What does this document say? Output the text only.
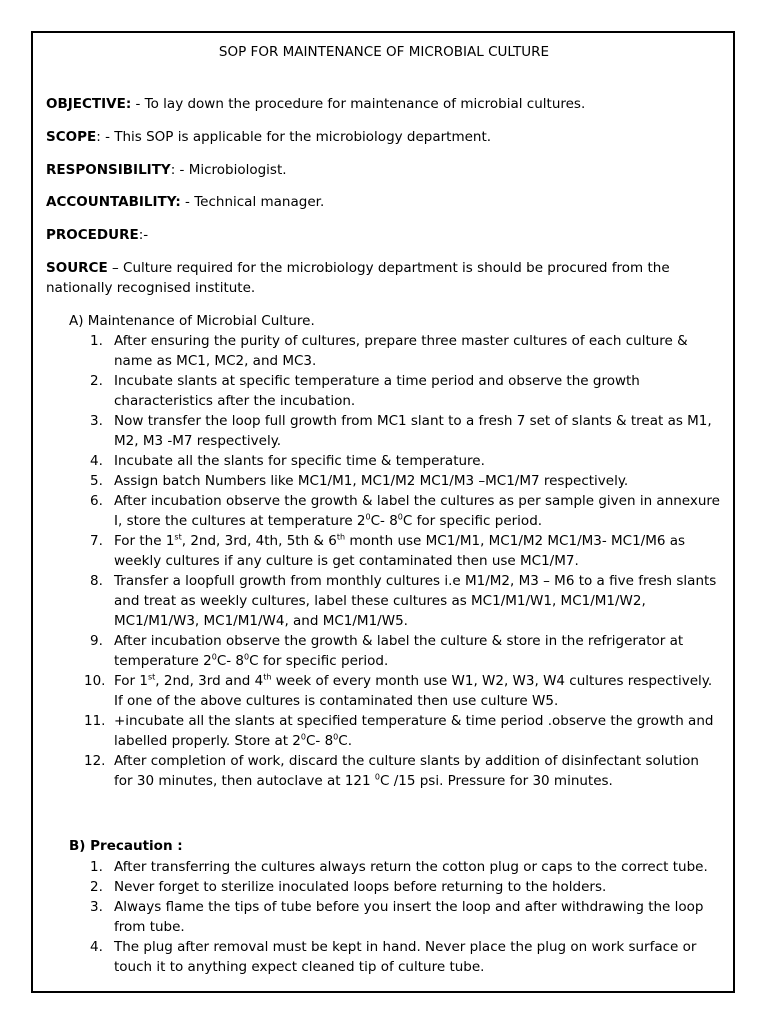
SOP FOR MAINTENANCE OF MICROBIAL CULTURE
OBJECTIVE: - To lay down the procedure for maintenance of microbial cultures.
SCOPE: - This SOP is applicable for the microbiology department.
RESPONSIBILITY: - Microbiologist.
ACCOUNTABILITY: - Technical manager.
PROCEDURE:-
SOURCE – Culture required for the microbiology department is should be procured from the nationally recognised institute.
A) Maintenance of Microbial Culture.
1. After ensuring the purity of cultures, prepare three master cultures of each culture & name as MC1, MC2, and MC3.
2. Incubate slants at specific temperature a time period and observe the growth characteristics after the incubation.
3. Now transfer the loop full growth from MC1 slant to a fresh 7 set of slants & treat as M1, M2, M3 -M7 respectively.
4. Incubate all the slants for specific time & temperature.
5. Assign batch Numbers like MC1/M1, MC1/M2 MC1/M3 –MC1/M7 respectively.
6. After incubation observe the growth & label the cultures as per sample given in annexure I, store the cultures at temperature $2^0C-$ $8^0C$ for specific period.
7. For the 1st, 2nd, 3rd, 4th, 5th & 6th month use MC1/M1, MC1/M2 MC1/M3- MC1/M6 as weekly cultures if any culture is get contaminated then use MC1/M7.
8. Transfer a loopfull growth from monthly cultures i.e M1/M2, M3 – M6 to a five fresh slants and treat as weekly cultures, label these cultures as MC1/M1/W1, MC1/M1/W2, MC1/M1/W3, MC1/M1/W4, and MC1/M1/W5.
9. After incubation observe the growth & label the culture & store in the refrigerator at temperature $2^0C-$ $8^0C$ for specific period.
10. For 1st, 2nd, 3rd and 4th week of every month use W1, W2, W3, W4 cultures respectively. If one of the above cultures is contaminated then use culture W5.
11. +incubate all the slants at specified temperature & time period .observe the growth and labelled properly. Store at $2^0C-$ $8^0C$.
12. After completion of work, discard the culture slants by addition of disinfectant solution for 30 minutes, then autoclave at 121 $^0$C /15 psi. Pressure for 30 minutes.
B) Precaution :
1. After transferring the cultures always return the cotton plug or caps to the correct tube.
2. Never forget to sterilize inoculated loops before returning to the holders.
3. Always flame the tips of tube before you insert the loop and after withdrawing the loop from tube.
4. The plug after removal must be kept in hand. Never place the plug on work surface or touch it to anything expect cleaned tip of culture tube.
